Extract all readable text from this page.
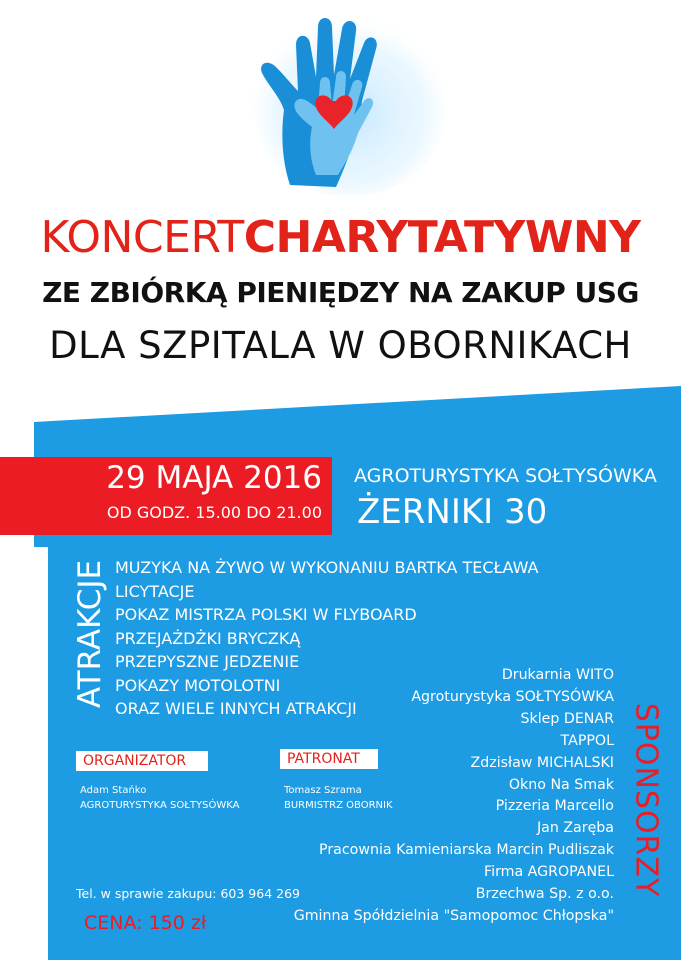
KONCERTCHARYTATYWNY
ZE ZBIÓRKĄ PIENIĘDZY NA ZAKUP USG
DLA SZPITALA W OBORNIKACH
29 MAJA 2016
OD GODZ. 15.00 DO 21.00
AGROTURYSTYKA SOŁTYSÓWKA
ŻERNIKI 30
ATRAKCJE MUZYKA NA ŻYWO W WYKONANIU BARTKA TECŁAWA
LICYTACJE
POKAZ MISTRZA POLSKI W FLYBOARD
PRZEJAŻDŻKI BRYCZKĄ
PRZEPYSZNE JEDZENIE
POKAZY MOTOLOTNI
ORAZ WIELE INNYCH ATRAKCJI
ORGANIZATOR
Adam Stańko
AGROTURYSTYKA SOŁTYSÓWKA
PATRONAT
Tomasz Szrama
BURMISTRZ OBORNIK
Tel. w sprawie zakupu: 603 964 269
CENA: 150 zł
Drukarnia WITO
Agroturystyka SOŁTYSÓWKA
Sklep DENAR
TAPPOL
Zdzisław MICHALSKI
Okno Na Smak
Pizzeria Marcello
Jan Zaręba
Pracownia Kamieniarska Marcin Pudliszak
Firma AGROPANEL
Brzechwa Sp. z o.o.
Gminna Spółdzielnia "Samopomoc Chłopska"
SPONSORZY
